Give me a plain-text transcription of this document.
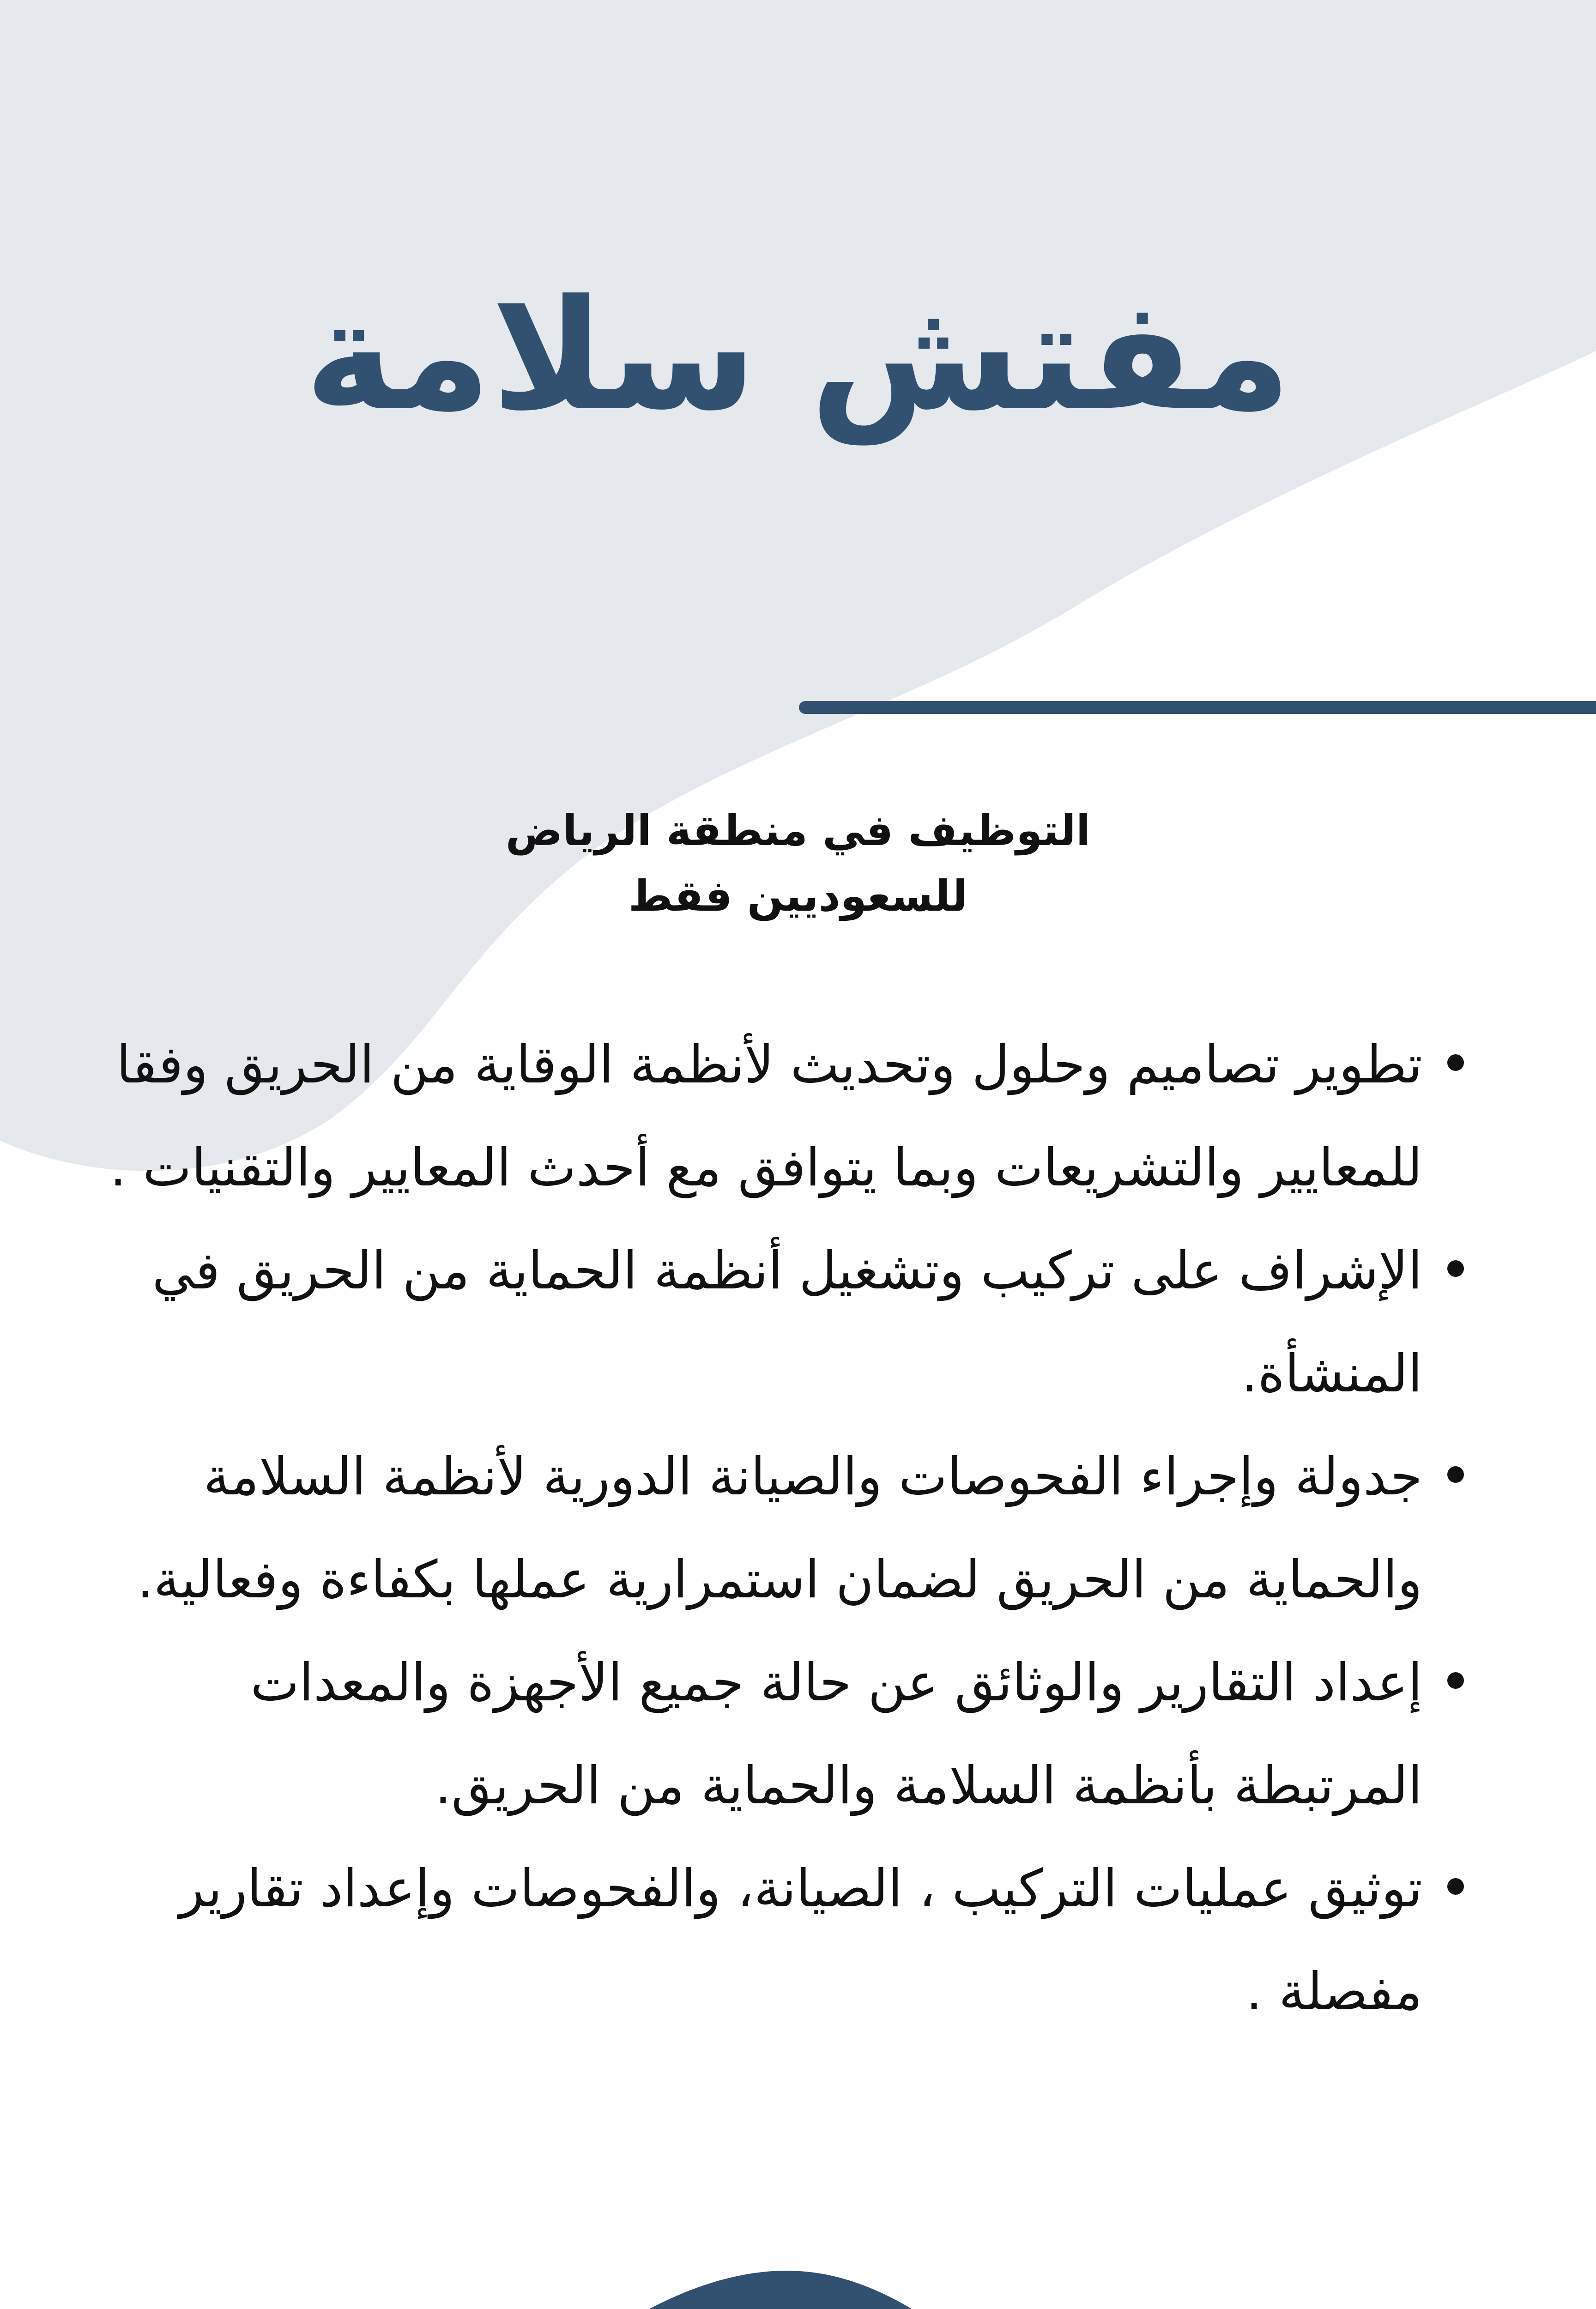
مفتش سلامة
التوظيف في منطقة الرياض
للسعوديين فقط
تطوير تصاميم وحلول وتحديث لأنظمة الوقاية من الحريق وفقا للمعايير والتشريعات وبما يتوافق مع أحدث المعايير والتقنيات .
الإشراف على تركيب وتشغيل أنظمة الحماية من الحريق في المنشأة.
جدولة وإجراء الفحوصات والصيانة الدورية لأنظمة السلامة والحماية من الحريق لضمان استمرارية عملها بكفاءة وفعالية.
إعداد التقارير والوثائق عن حالة جميع الأجهزة والمعدات المرتبطة بأنظمة السلامة والحماية من الحريق.
توثيق عمليات التركيب ، الصيانة، والفحوصات وإعداد تقارير مفصلة .
